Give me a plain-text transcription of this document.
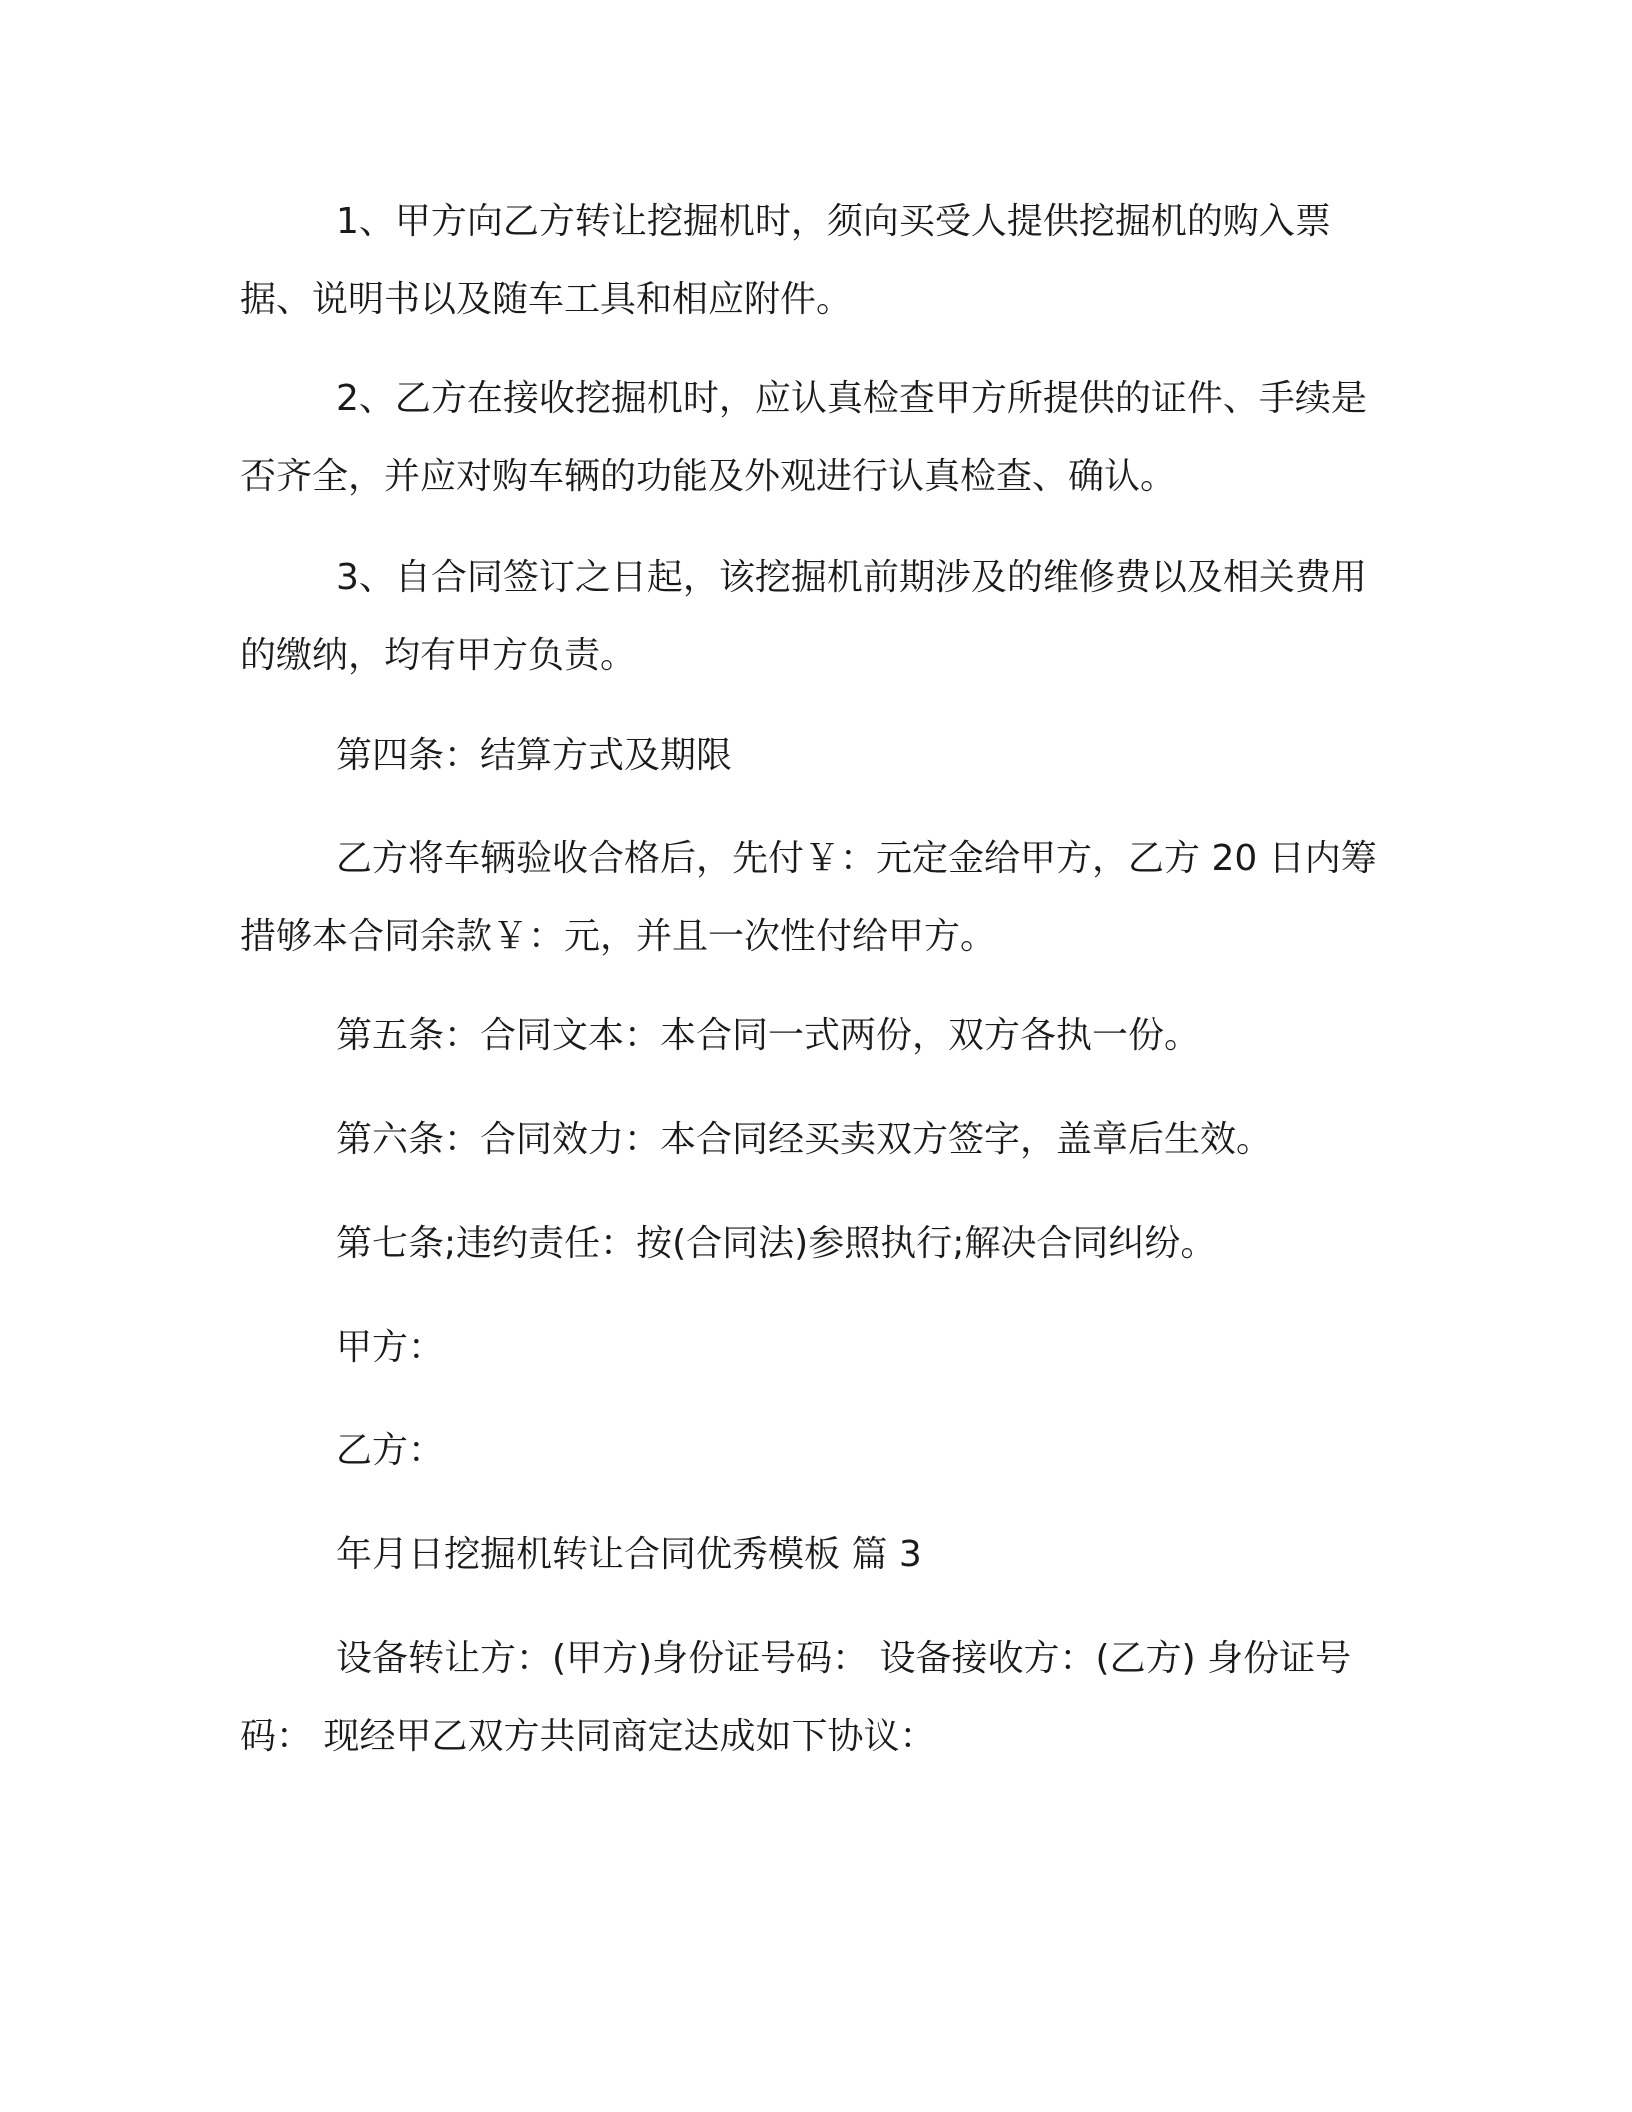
1、甲方向乙方转让挖掘机时，须向买受人提供挖掘机的购入票据、说明书以及随车工具和相应附件。

2、乙方在接收挖掘机时，应认真检查甲方所提供的证件、手续是否齐全，并应对购车辆的功能及外观进行认真检查、确认。

3、自合同签订之日起，该挖掘机前期涉及的维修费以及相关费用的缴纳，均有甲方负责。

第四条：结算方式及期限

乙方将车辆验收合格后，先付￥：元定金给甲方，乙方 20 日内筹措够本合同余款￥：元，并且一次性付给甲方。

第五条：合同文本：本合同一式两份，双方各执一份。

第六条：合同效力：本合同经买卖双方签字，盖章后生效。

第七条;违约责任：按(合同法)参照执行;解决合同纠纷。

甲方：

乙方：

年月日挖掘机转让合同优秀模板 篇 3

设备转让方：(甲方)身份证号码： 设备接收方：(乙方) 身份证号码： 现经甲乙双方共同商定达成如下协议：
